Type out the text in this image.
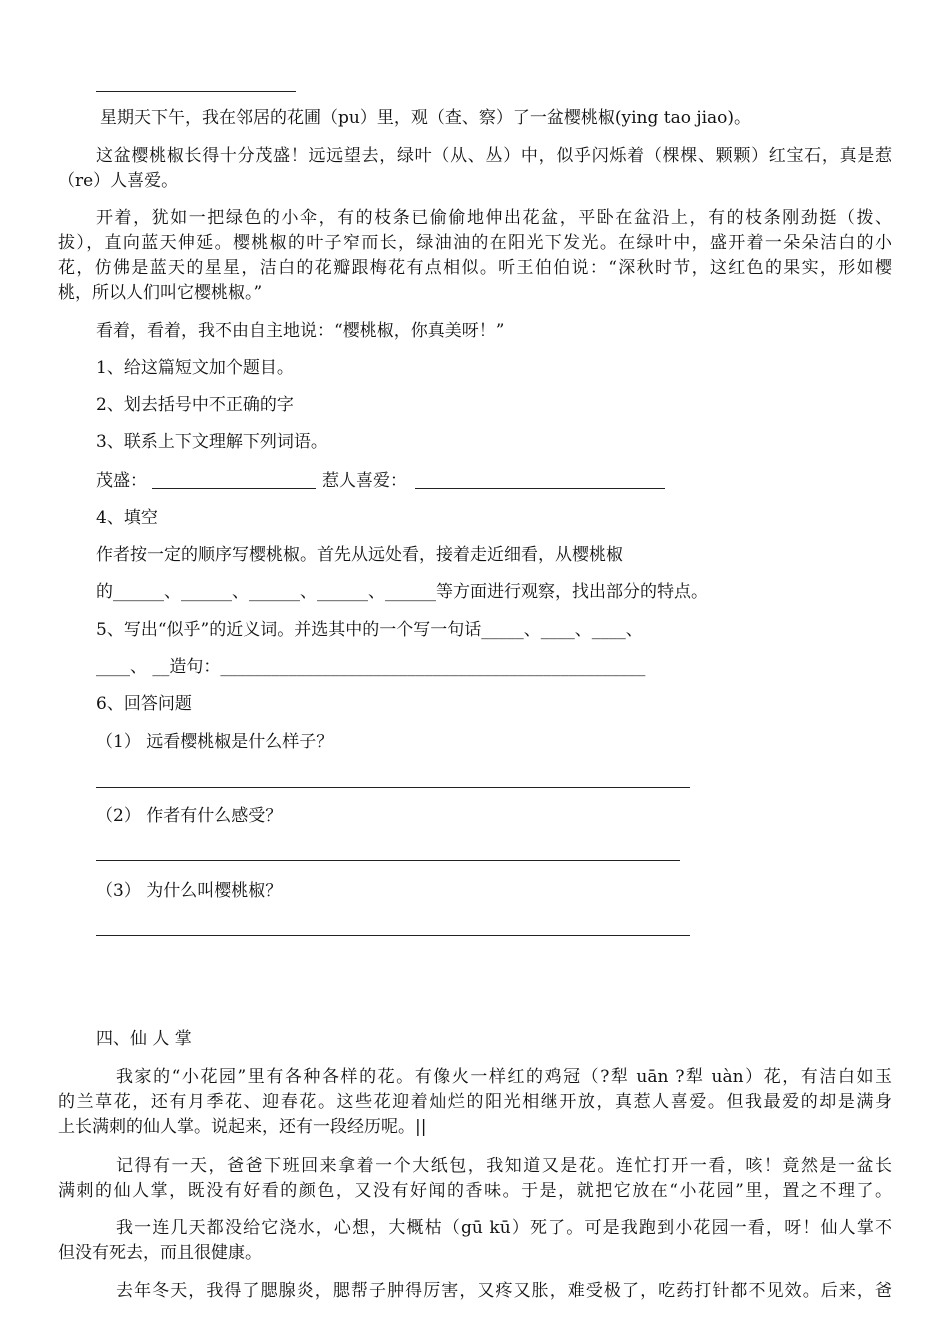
星期天下午，我在邻居的花圃（pu）里，观（查、察）了一盆樱桃椒(ying tao jiao)。
这盆樱桃椒长得十分茂盛！远远望去，绿叶（从、丛）中，似乎闪烁着（棵棵、颗颗）红宝石，真是惹
（re）人喜爱。
开着，犹如一把绿色的小伞，有的枝条已偷偷地伸出花盆，平卧在盆沿上，有的枝条刚劲挺（拨、
拔），直向蓝天伸延。樱桃椒的叶子窄而长，绿油油的在阳光下发光。在绿叶中，盛开着一朵朵洁白的小
花，仿佛是蓝天的星星，洁白的花瓣跟梅花有点相似。听王伯伯说：“深秋时节，这红色的果实，形如樱
桃，所以人们叫它樱桃椒。”
看着，看着，我不由自主地说：“樱桃椒，你真美呀！”
1、给这篇短文加个题目。
2、划去括号中不正确的字
3、联系上下文理解下列词语。
茂盛：	惹人喜爱：
4、填空
作者按一定的顺序写樱桃椒。首先从远处看，接着走近细看，从樱桃椒
的______、______、______、______、______等方面进行观察，找出部分的特点。
5、写出“似乎”的近义词。并选其中的一个写一句话_____、____、____、
____、 __造句：__________________________________________________
6、回答问题
（1） 远看樱桃椒是什么样子？
（2） 作者有什么感受？
（3） 为什么叫樱桃椒？
四、仙 人 掌
我家的“小花园”里有各种各样的花。有像火一样红的鸡冠（?犁 uān ?犁 uàn）花，有洁白如玉
的兰草花，还有月季花、迎春花。这些花迎着灿烂的阳光相继开放，真惹人喜爱。但我最爱的却是满身
上长满刺的仙人掌。说起来，还有一段经历呢。||
记得有一天，爸爸下班回来拿着一个大纸包，我知道又是花。连忙打开一看，咳！竟然是一盆长
满刺的仙人掌，既没有好看的颜色，又没有好闻的香味。于是，就把它放在“小花园”里，置之不理了。
我一连几天都没给它浇水，心想，大概枯（gū kū）死了。可是我跑到小花园一看，呀！仙人掌不
但没有死去，而且很健康。
去年冬天，我得了腮腺炎，腮帮子肿得厉害，又疼又胀，难受极了，吃药打针都不见效。后来，爸
